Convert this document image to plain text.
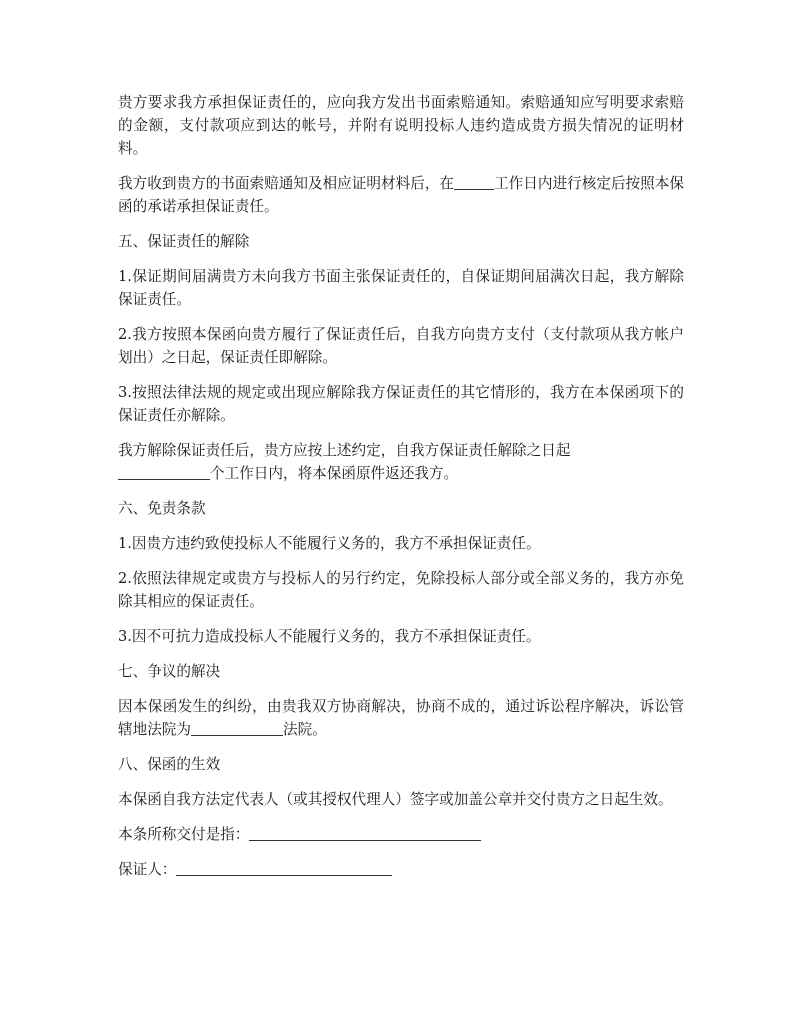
贵方要求我方承担保证责任的，应向我方发出书面索赔通知。索赔通知应写明要求索赔的金额，支付款项应到达的帐号，并附有说明投标人违约造成贵方损失情况的证明材料。

我方收到贵方的书面索赔通知及相应证明材料后，在	工作日内进行核定后按照本保函的承诺承担保证责任。

五、保证责任的解除

1.保证期间届满贵方未向我方书面主张保证责任的，自保证期间届满次日起，我方解除保证责任。

2.我方按照本保函向贵方履行了保证责任后，自我方向贵方支付（支付款项从我方帐户划出）之日起，保证责任即解除。

3.按照法律法规的规定或出现应解除我方保证责任的其它情形的，我方在本保函项下的保证责任亦解除。

我方解除保证责任后，贵方应按上述约定，自我方保证责任解除之日起
个工作日内，将本保函原件返还我方。

六、免责条款

1.因贵方违约致使投标人不能履行义务的，我方不承担保证责任。

2.依照法律规定或贵方与投标人的另行约定，免除投标人部分或全部义务的，我方亦免除其相应的保证责任。

3.因不可抗力造成投标人不能履行义务的，我方不承担保证责任。

七、争议的解决

因本保函发生的纠纷，由贵我双方协商解决，协商不成的，通过诉讼程序解决，诉讼管辖地法院为	法院。

八、保函的生效

本保函自我方法定代表人（或其授权代理人）签字或加盖公章并交付贵方之日起生效。

本条所称交付是指：

保证人：
